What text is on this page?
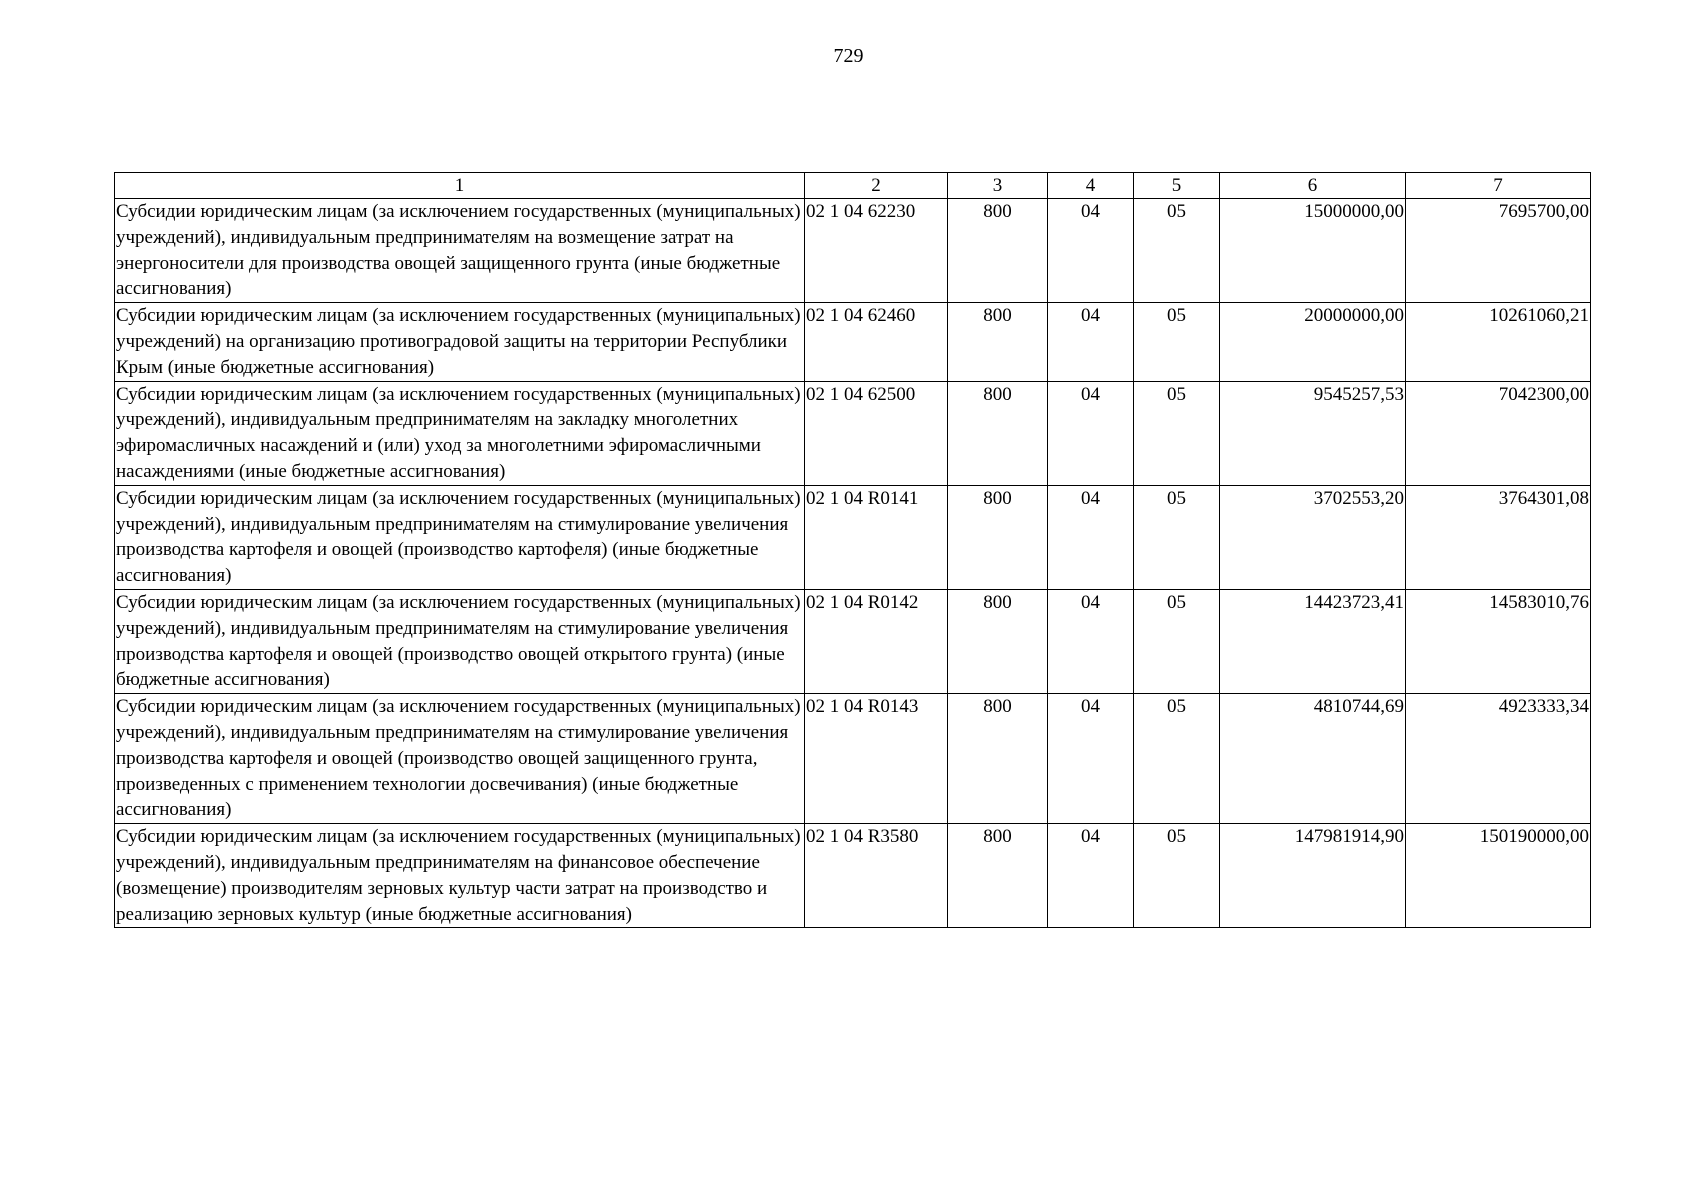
729
1	2	3	4	5	6	7
Субсидии юридическим лицам (за исключением государственных (муниципальных) учреждений), индивидуальным предпринимателям на возмещение затрат на энергоносители для производства овощей защищенного грунта (иные бюджетные ассигнования)	02 1 04 62230	800	04	05	15000000,00	7695700,00
Субсидии юридическим лицам (за исключением государственных (муниципальных) учреждений) на организацию противоградовой защиты на территории Республики Крым (иные бюджетные ассигнования)	02 1 04 62460	800	04	05	20000000,00	10261060,21
Субсидии юридическим лицам (за исключением государственных (муниципальных) учреждений), индивидуальным предпринимателям на закладку многолетних эфиромасличных насаждений и (или) уход за многолетними эфиромасличными насаждениями (иные бюджетные ассигнования)	02 1 04 62500	800	04	05	9545257,53	7042300,00
Субсидии юридическим лицам (за исключением государственных (муниципальных) учреждений), индивидуальным предпринимателям на стимулирование увеличения производства картофеля и овощей (производство картофеля) (иные бюджетные ассигнования)	02 1 04 R0141	800	04	05	3702553,20	3764301,08
Субсидии юридическим лицам (за исключением государственных (муниципальных) учреждений), индивидуальным предпринимателям на стимулирование увеличения производства картофеля и овощей (производство овощей открытого грунта) (иные бюджетные ассигнования)	02 1 04 R0142	800	04	05	14423723,41	14583010,76
Субсидии юридическим лицам (за исключением государственных (муниципальных) учреждений), индивидуальным предпринимателям на стимулирование увеличения производства картофеля и овощей (производство овощей защищенного грунта, произведенных с применением технологии досвечивания) (иные бюджетные ассигнования)	02 1 04 R0143	800	04	05	4810744,69	4923333,34
Субсидии юридическим лицам (за исключением государственных (муниципальных) учреждений), индивидуальным предпринимателям на финансовое обеспечение (возмещение) производителям зерновых культур части затрат на производство и реализацию зерновых культур (иные бюджетные ассигнования)	02 1 04 R3580	800	04	05	147981914,90	150190000,00
